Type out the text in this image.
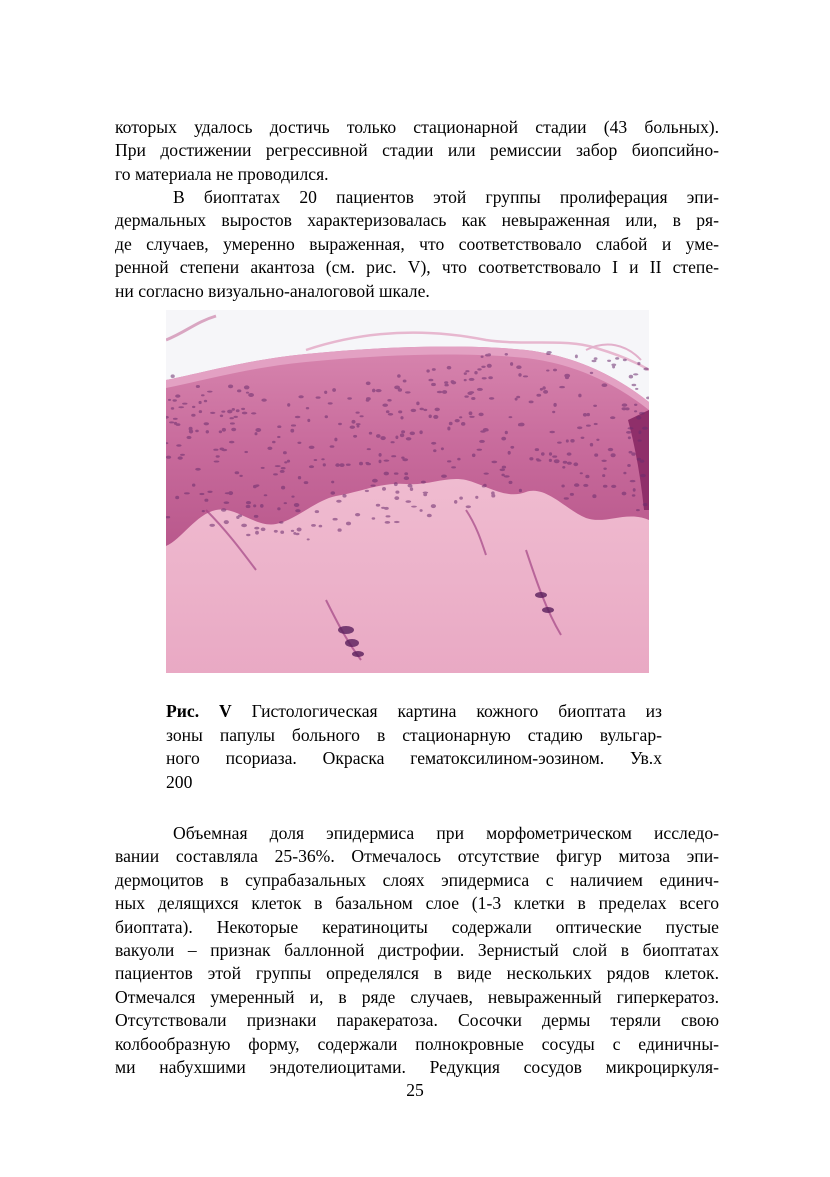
которых удалось достичь только стационарной стадии (43 больных).
При достижении регрессивной стадии или ремиссии забор биопсийно-
го материала не проводился.
В биоптатах 20 пациентов этой группы пролиферация эпи-
дермальных выростов характеризовалась как невыраженная или, в ря-
де случаев, умеренно выраженная, что соответствовало слабой и уме-
ренной степени акантоза (см. рис. V), что соответствовало I и II степе-
ни согласно визуально-аналоговой шкале.
Рис. V Гистологическая картина кожного биоптата из
зоны папулы больного в стационарную стадию вульгар-
ного псориаза. Окраска гематоксилином-эозином. Ув.х
200
Объемная доля эпидермиса при морфометрическом исследо-
вании составляла 25-36%. Отмечалось отсутствие фигур митоза эпи-
дермоцитов в супрабазальных слоях эпидермиса с наличием единич-
ных делящихся клеток в базальном слое (1-3 клетки в пределах всего
биоптата). Некоторые кератиноциты содержали оптические пустые
вакуоли – признак баллонной дистрофии. Зернистый слой в биоптатах
пациентов этой группы определялся в виде нескольких рядов клеток.
Отмечался умеренный и, в ряде случаев, невыраженный гиперкератоз.
Отсутствовали признаки паракератоза. Сосочки дермы теряли свою
колбообразную форму, содержали полнокровные сосуды с единичны-
ми набухшими эндотелиоцитами. Редукция сосудов микроциркуля-
25
